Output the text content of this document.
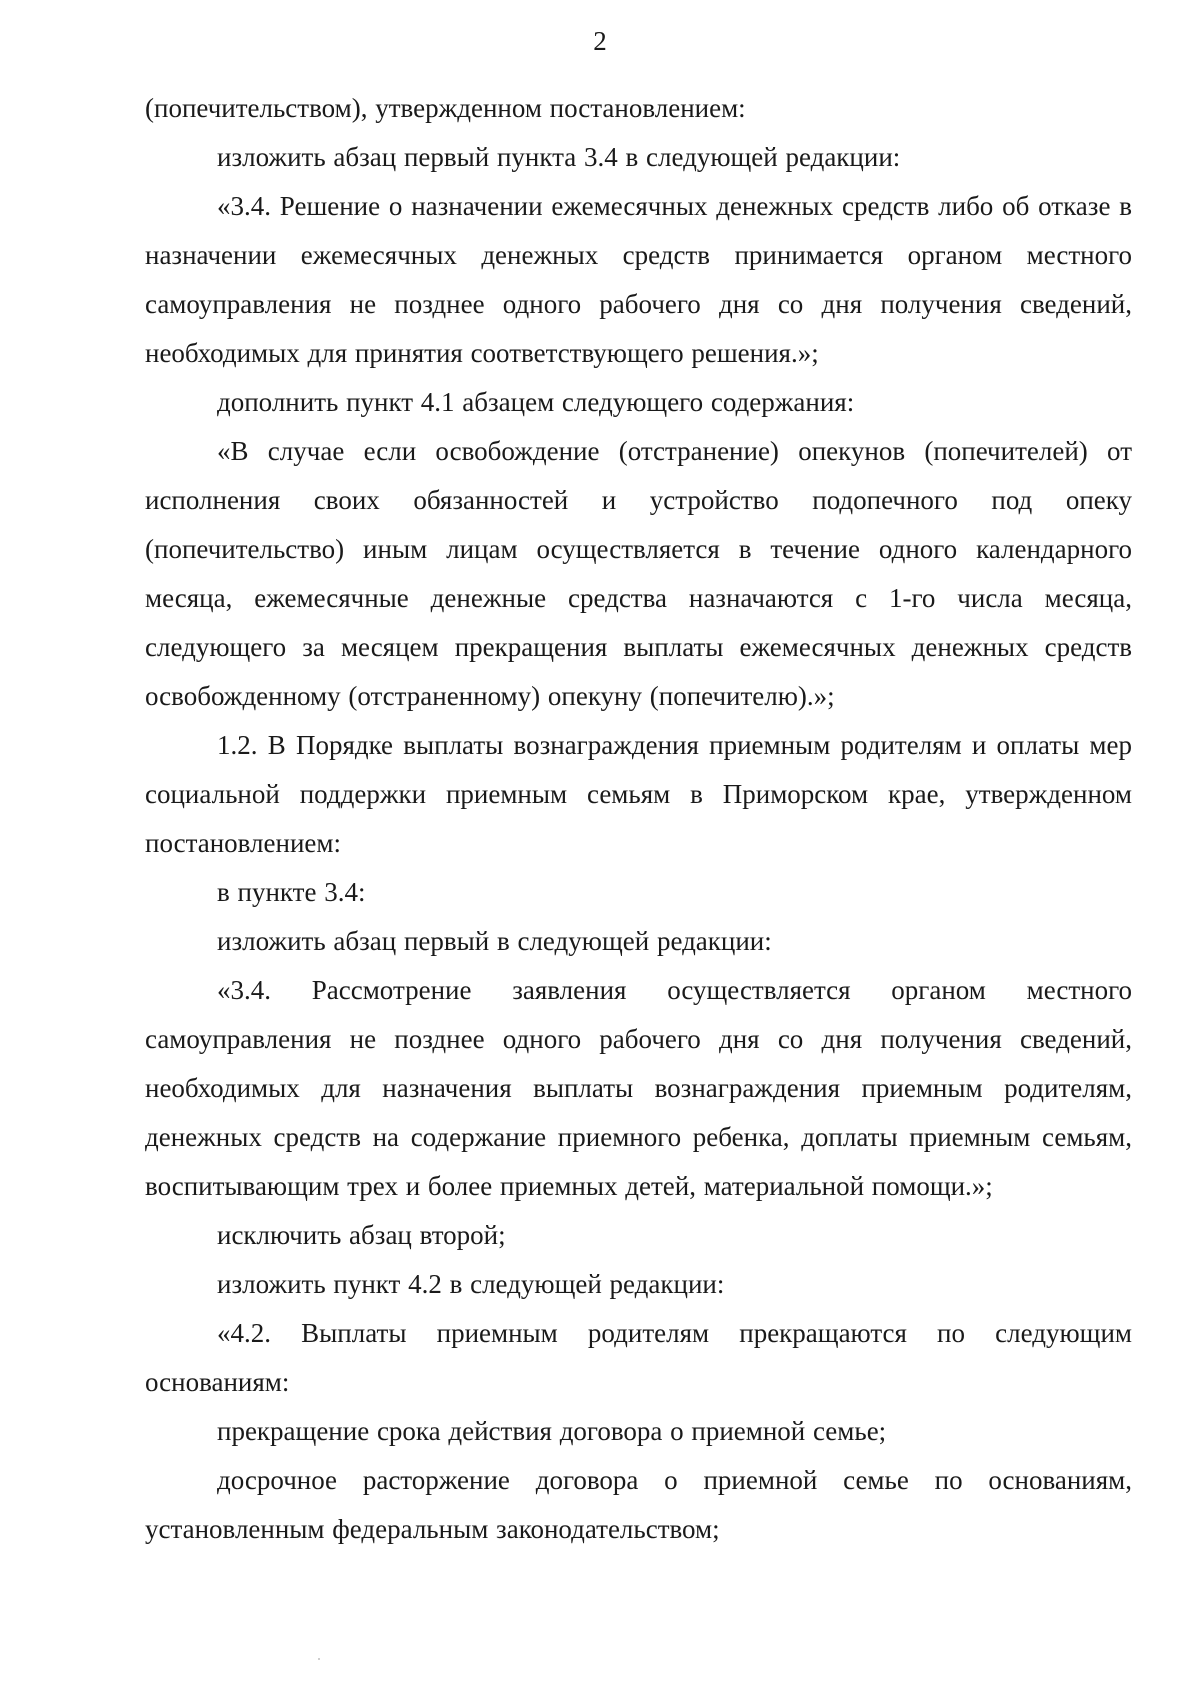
2

(попечительством), утвержденном постановлением:

изложить абзац первый пункта 3.4 в следующей редакции:

«3.4. Решение о назначении ежемесячных денежных средств либо об отказе в назначении ежемесячных денежных средств принимается органом местного самоуправления не позднее одного рабочего дня со дня получения сведений, необходимых для принятия соответствующего решения.»;

дополнить пункт 4.1 абзацем следующего содержания:

«В случае если освобождение (отстранение) опекунов (попечителей) от исполнения своих обязанностей и устройство подопечного под опеку (попечительство) иным лицам осуществляется в течение одного календарного месяца, ежемесячные денежные средства назначаются с 1-го числа месяца, следующего за месяцем прекращения выплаты ежемесячных денежных средств освобожденному (отстраненному) опекуну (попечителю).»;

1.2. В Порядке выплаты вознаграждения приемным родителям и оплаты мер социальной поддержки приемным семьям в Приморском крае, утвержденном постановлением:

в пункте 3.4:

изложить абзац первый в следующей редакции:

«3.4. Рассмотрение заявления осуществляется органом местного самоуправления не позднее одного рабочего дня со дня получения сведений, необходимых для назначения выплаты вознаграждения приемным родителям, денежных средств на содержание приемного ребенка, доплаты приемным семьям, воспитывающим трех и более приемных детей, материальной помощи.»;

исключить абзац второй;

изложить пункт 4.2 в следующей редакции:

«4.2. Выплаты приемным родителям прекращаются по следующим основаниям:

прекращение срока действия договора о приемной семье;

досрочное расторжение договора о приемной семье по основаниям, установленным федеральным законодательством;
